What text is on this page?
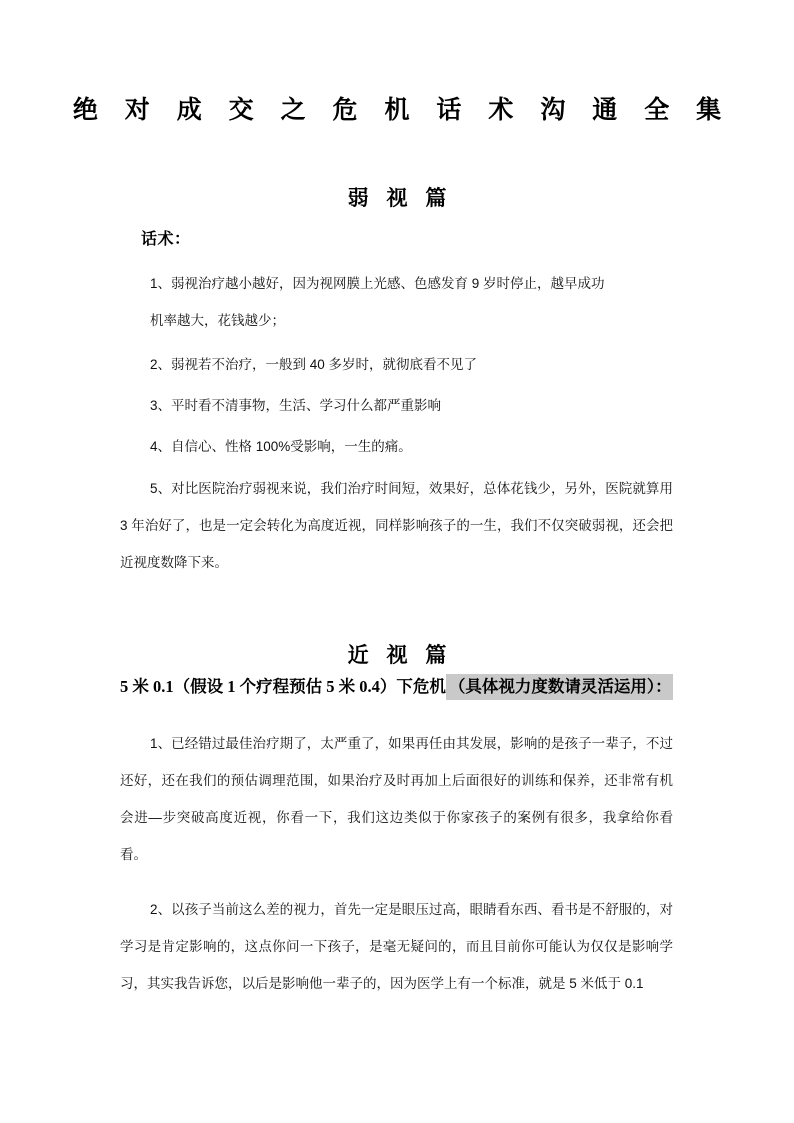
绝 对 成 交 之 危 机 话 术 沟 通 全 集
弱 视 篇
话术：
1、弱视治疗越小越好，因为视网膜上光感、色感发育 9 岁时停止，越早成功
机率越大，花钱越少；
2、弱视若不治疗，一般到 40 多岁时，就彻底看不见了
3、平时看不清事物，生活、学习什么都严重影响
4、自信心、性格 100%受影响，一生的痛。
5、对比医院治疗弱视来说，我们治疗时间短，效果好，总体花钱少，另外，医院就算用 3 年治好了，也是一定会转化为高度近视，同样影响孩子的一生，我们不仅突破弱视，还会把近视度数降下来。
近 视 篇
5 米 0.1（假设 1 个疗程预估 5 米 0.4）下危机 （具体视力度数请灵活运用）：
1、已经错过最佳治疗期了，太严重了，如果再任由其发展，影响的是孩子一辈子，不过还好，还在我们的预估调理范围，如果治疗及时再加上后面很好的训练和保养，还非常有机会进—步突破高度近视，你看一下，我们这边类似于你家孩子的案例有很多，我拿给你看看。
2、以孩子当前这么差的视力，首先一定是眼压过高，眼睛看东西、看书是不舒服的，对学习是肯定影响的，这点你问一下孩子，是毫无疑问的，而且目前你可能认为仅仅是影响学习，其实我告诉您，以后是影响他一辈子的，因为医学上有一个标准，就是 5 米低于 0.1
